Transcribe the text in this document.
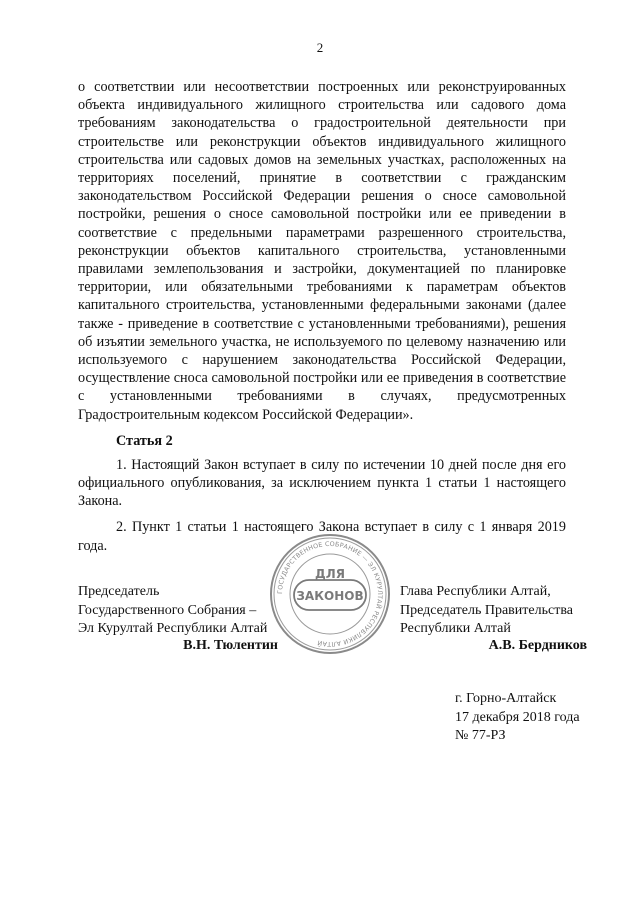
2

о соответствии или несоответствии построенных или реконструированных объекта индивидуального жилищного строительства или садового дома требованиям законодательства о градостроительной деятельности при строительстве или реконструкции объектов индивидуального жилищного строительства или садовых домов на земельных участках, расположенных на территориях поселений, принятие в соответствии с гражданским законодательством Российской Федерации решения о сносе самовольной постройки, решения о сносе самовольной постройки или ее приведении в соответствие с предельными параметрами разрешенного строительства, реконструкции объектов капитального строительства, установленными правилами землепользования и застройки, документацией по планировке территории, или обязательными требованиями к параметрам объектов капитального строительства, установленными федеральными законами (далее также - приведение в соответствие с установленными требованиями), решения об изъятии земельного участка, не используемого по целевому назначению или используемого с нарушением законодательства Российской Федерации, осуществление сноса самовольной постройки или ее приведения в соответствие с установленными требованиями в случаях, предусмотренных Градостроительным кодексом Российской Федерации».

Статья 2

1. Настоящий Закон вступает в силу по истечении 10 дней после дня его официального опубликования, за исключением пункта 1 статьи 1 настоящего Закона.

2. Пункт 1 статьи 1 настоящего Закона вступает в силу с 1 января 2019 года.

ГОСУДАРСТВЕННОЕ СОБРАНИЕ — ЭЛ КУРУЛТАЙ РЕСПУБЛИКИ АЛТАЙ
ДЛЯ
ЗАКОНОВ
Председатель
Государственного Собрания –
Эл Курултай Республики Алтай
В.Н. Тюлентин
Глава Республики Алтай,
Председатель Правительства
Республики Алтай
А.В. Бердников
г. Горно-Алтайск
17 декабря 2018 года
№ 77-РЗ
